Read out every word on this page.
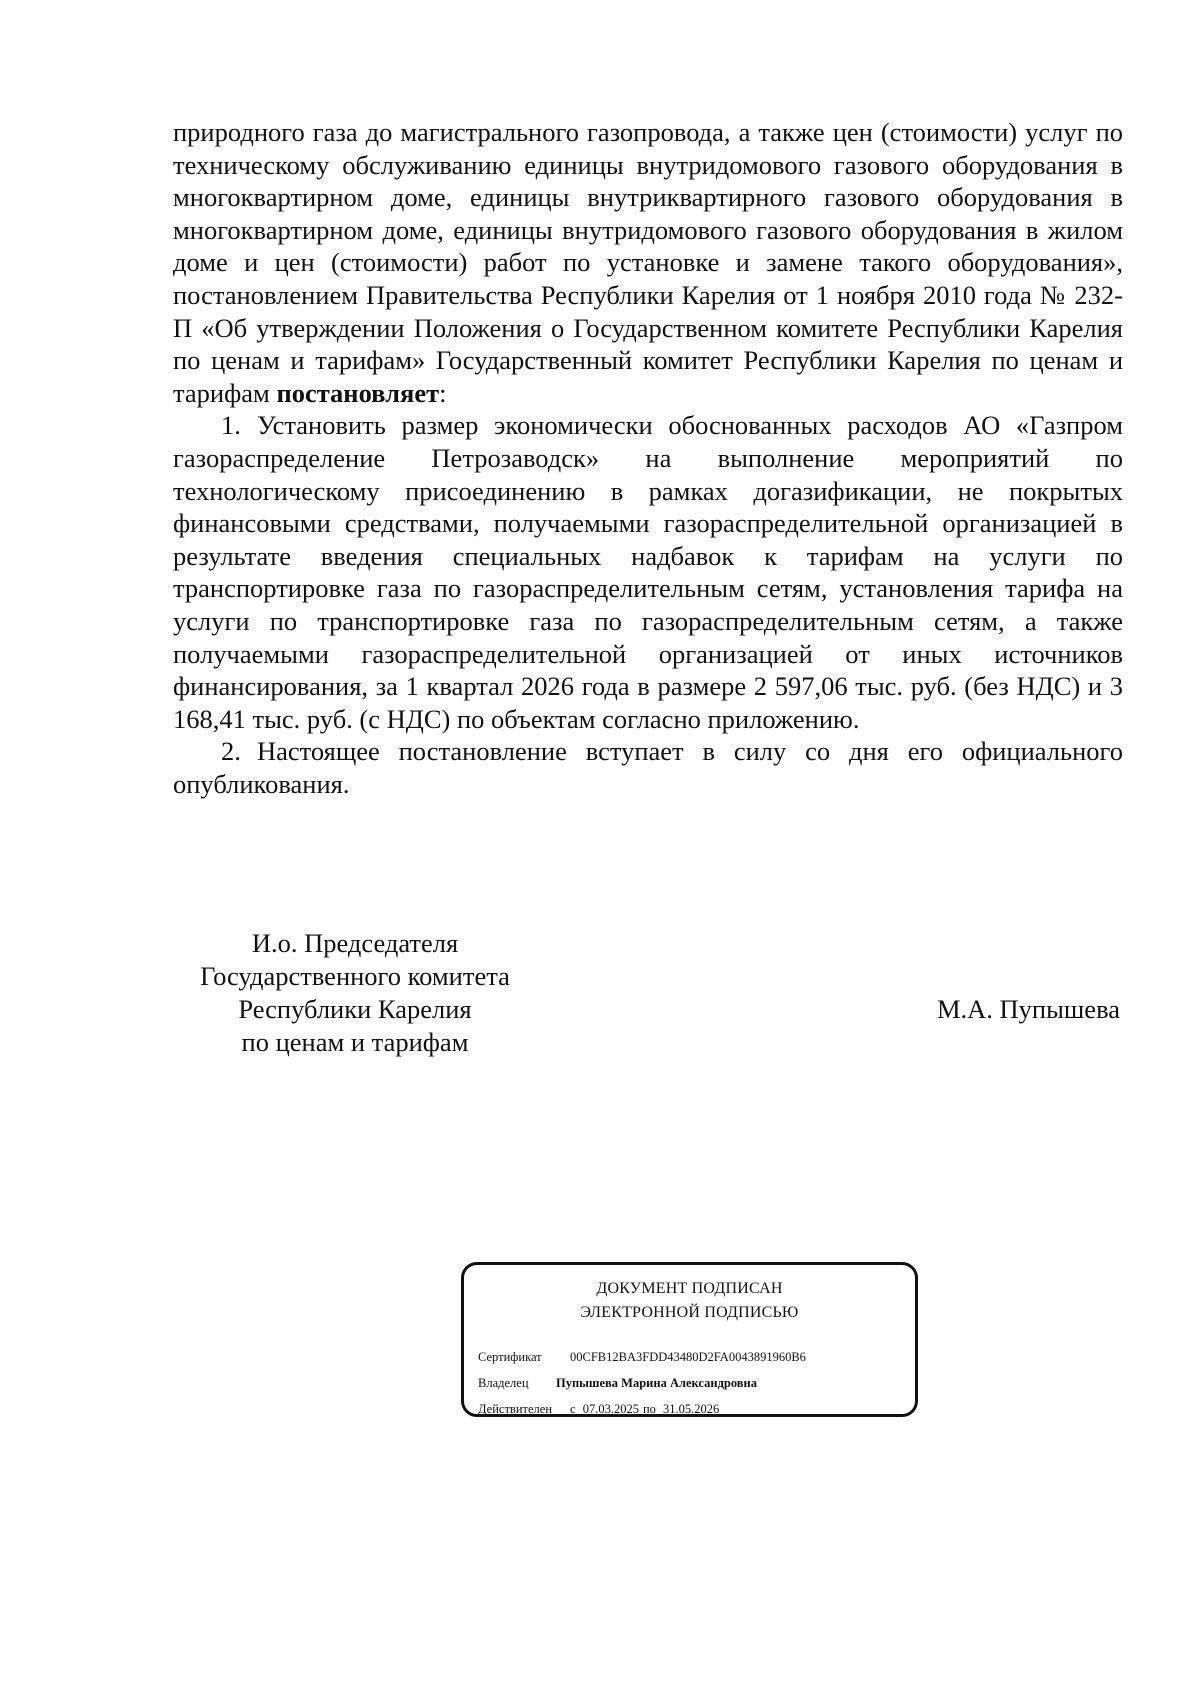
природного газа до магистрального газопровода, а также цен (стоимости) услуг по техническому обслуживанию единицы внутридомового газового оборудования в многоквартирном доме, единицы внутриквартирного газового оборудования в многоквартирном доме, единицы внутридомового газового оборудования в жилом доме и цен (стоимости) работ по установке и замене такого оборудования», постановлением Правительства Республики Карелия от 1 ноября 2010 года № 232-П «Об утверждении Положения о Государственном комитете Республики Карелия по ценам и тарифам» Государственный комитет Республики Карелия по ценам и тарифам постановляет:

1. Установить размер экономически обоснованных расходов АО «Газпром газораспределение Петрозаводск» на выполнение мероприятий по технологическому присоединению в рамках догазификации, не покрытых финансовыми средствами, получаемыми газораспределительной организацией в результате введения специальных надбавок к тарифам на услуги по транспортировке газа по газораспределительным сетям, установления тарифа на услуги по транспортировке газа по газораспределительным сетям, а также получаемыми газораспределительной организацией от иных источников финансирования, за 1 квартал 2026 года в размере 2 597,06 тыс. руб. (без НДС) и 3 168,41 тыс. руб. (с НДС) по объектам согласно приложению.

2. Настоящее постановление вступает в силу со дня его официального опубликования.

И.о. Председателя
Государственного комитета
Республики Карелия
по ценам и тарифам
М.А. Пупышева
ДОКУМЕНТ ПОДПИСАН
ЭЛЕКТРОННОЙ ПОДПИСЬЮ
Сертификат 00CFB12BA3FDD43480D2FA0043891960B6
Владелец Пупышева Марина Александровна
Действителен с 07.03.2025 по 31.05.2026
